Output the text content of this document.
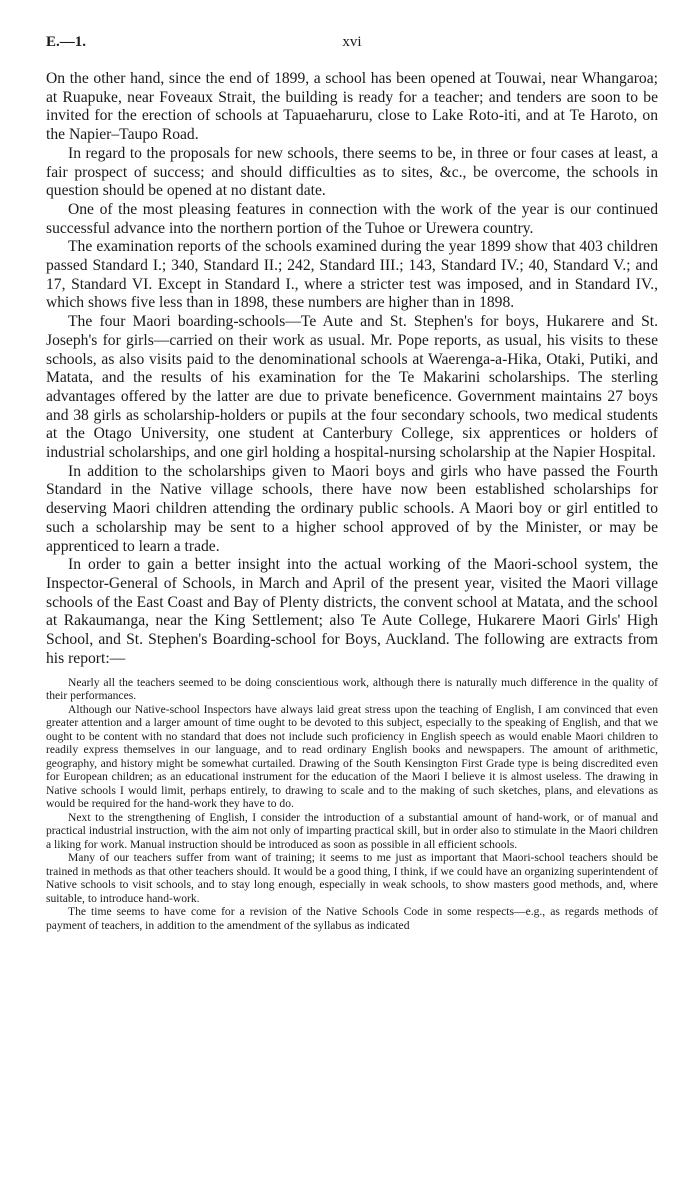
E.—1.	xvi

On the other hand, since the end of 1899, a school has been opened at Touwai, near Whangaroa; at Ruapuke, near Foveaux Strait, the building is ready for a teacher; and tenders are soon to be invited for the erection of schools at Tapuaeharuru, close to Lake Roto-iti, and at Te Haroto, on the Napier–Taupo Road.

In regard to the proposals for new schools, there seems to be, in three or four cases at least, a fair prospect of success; and should difficulties as to sites, &c., be overcome, the schools in question should be opened at no distant date.

One of the most pleasing features in connection with the work of the year is our continued successful advance into the northern portion of the Tuhoe or Urewera country.

The examination reports of the schools examined during the year 1899 show that 403 children passed Standard I.; 340, Standard II.; 242, Standard III.; 143, Standard IV.; 40, Standard V.; and 17, Standard VI. Except in Standard I., where a stricter test was imposed, and in Standard IV., which shows five less than in 1898, these numbers are higher than in 1898.

The four Maori boarding-schools—Te Aute and St. Stephen's for boys, Hukarere and St. Joseph's for girls—carried on their work as usual. Mr. Pope reports, as usual, his visits to these schools, as also visits paid to the denominational schools at Waerenga-a-Hika, Otaki, Putiki, and Matata, and the results of his examination for the Te Makarini scholarships. The sterling advantages offered by the latter are due to private beneficence. Government maintains 27 boys and 38 girls as scholarship-holders or pupils at the four secondary schools, two medical students at the Otago University, one student at Canterbury College, six apprentices or holders of industrial scholarships, and one girl holding a hospital-nursing scholarship at the Napier Hospital.

In addition to the scholarships given to Maori boys and girls who have passed the Fourth Standard in the Native village schools, there have now been established scholarships for deserving Maori children attending the ordinary public schools. A Maori boy or girl entitled to such a scholarship may be sent to a higher school approved of by the Minister, or may be apprenticed to learn a trade.

In order to gain a better insight into the actual working of the Maori-school system, the Inspector-General of Schools, in March and April of the present year, visited the Maori village schools of the East Coast and Bay of Plenty districts, the convent school at Matata, and the school at Rakaumanga, near the King Settlement; also Te Aute College, Hukarere Maori Girls' High School, and St. Stephen's Boarding-school for Boys, Auckland. The following are extracts from his report:—

Nearly all the teachers seemed to be doing conscientious work, although there is naturally much difference in the quality of their performances.

Although our Native-school Inspectors have always laid great stress upon the teaching of English, I am convinced that even greater attention and a larger amount of time ought to be devoted to this subject, especially to the speaking of English, and that we ought to be content with no standard that does not include such proficiency in English speech as would enable Maori children to readily express themselves in our language, and to read ordinary English books and newspapers. The amount of arithmetic, geography, and history might be somewhat curtailed. Drawing of the South Kensington First Grade type is being discredited even for European children; as an educational instrument for the education of the Maori I believe it is almost useless. The drawing in Native schools I would limit, perhaps entirely, to drawing to scale and to the making of such sketches, plans, and elevations as would be required for the hand-work they have to do.

Next to the strengthening of English, I consider the introduction of a substantial amount of hand-work, or of manual and practical industrial instruction, with the aim not only of imparting practical skill, but in order also to stimulate in the Maori children a liking for work. Manual instruction should be introduced as soon as possible in all efficient schools.

Many of our teachers suffer from want of training; it seems to me just as important that Maori-school teachers should be trained in methods as that other teachers should. It would be a good thing, I think, if we could have an organizing superintendent of Native schools to visit schools, and to stay long enough, especially in weak schools, to show masters good methods, and, where suitable, to introduce hand-work.

The time seems to have come for a revision of the Native Schools Code in some respects—e.g., as regards methods of payment of teachers, in addition to the amendment of the syllabus as indicated
